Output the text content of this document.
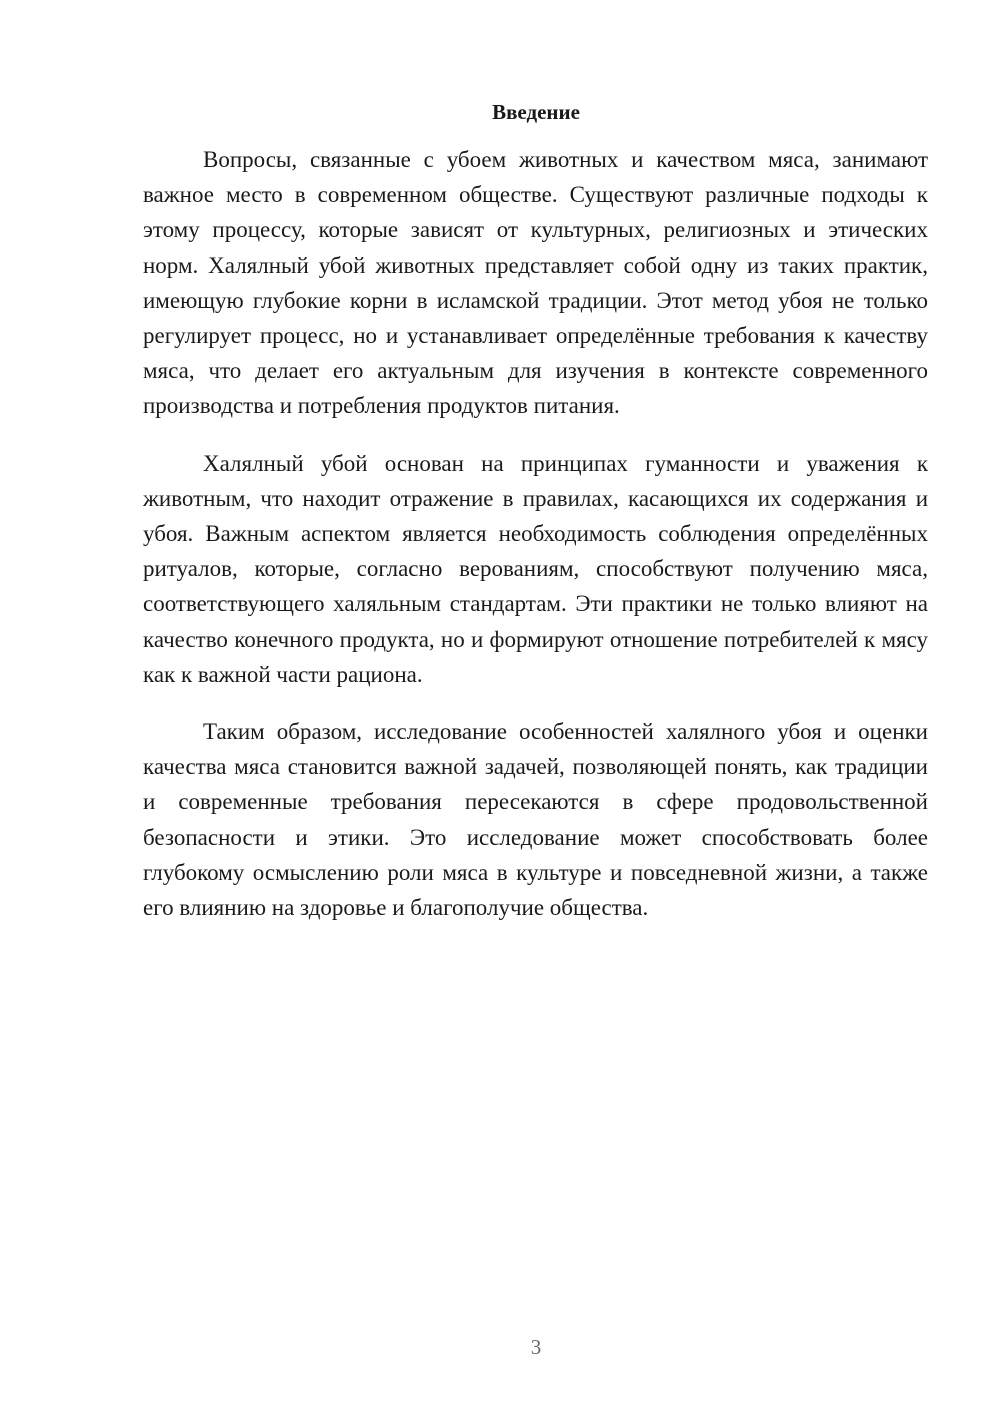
Введение

Вопросы, связанные с убоем животных и качеством мяса, занимают важное место в современном обществе. Существуют различные подходы к этому процессу, которые зависят от культурных, религиозных и этических норм. Халялный убой животных представляет собой одну из таких практик, имеющую глубокие корни в исламской традиции. Этот метод убоя не только регулирует процесс, но и устанавливает определённые требования к качеству мяса, что делает его актуальным для изучения в контексте современного производства и потребления продуктов питания.

Халялный убой основан на принципах гуманности и уважения к животным, что находит отражение в правилах, касающихся их содержания и убоя. Важным аспектом является необходимость соблюдения определённых ритуалов, которые, согласно верованиям, способствуют получению мяса, соответствующего халяльным стандартам. Эти практики не только влияют на качество конечного продукта, но и формируют отношение потребителей к мясу как к важной части рациона.

Таким образом, исследование особенностей халялного убоя и оценки качества мяса становится важной задачей, позволяющей понять, как традиции и современные требования пересекаются в сфере продовольственной безопасности и этики. Это исследование может способствовать более глубокому осмыслению роли мяса в культуре и повседневной жизни, а также его влиянию на здоровье и благополучие общества.

3
